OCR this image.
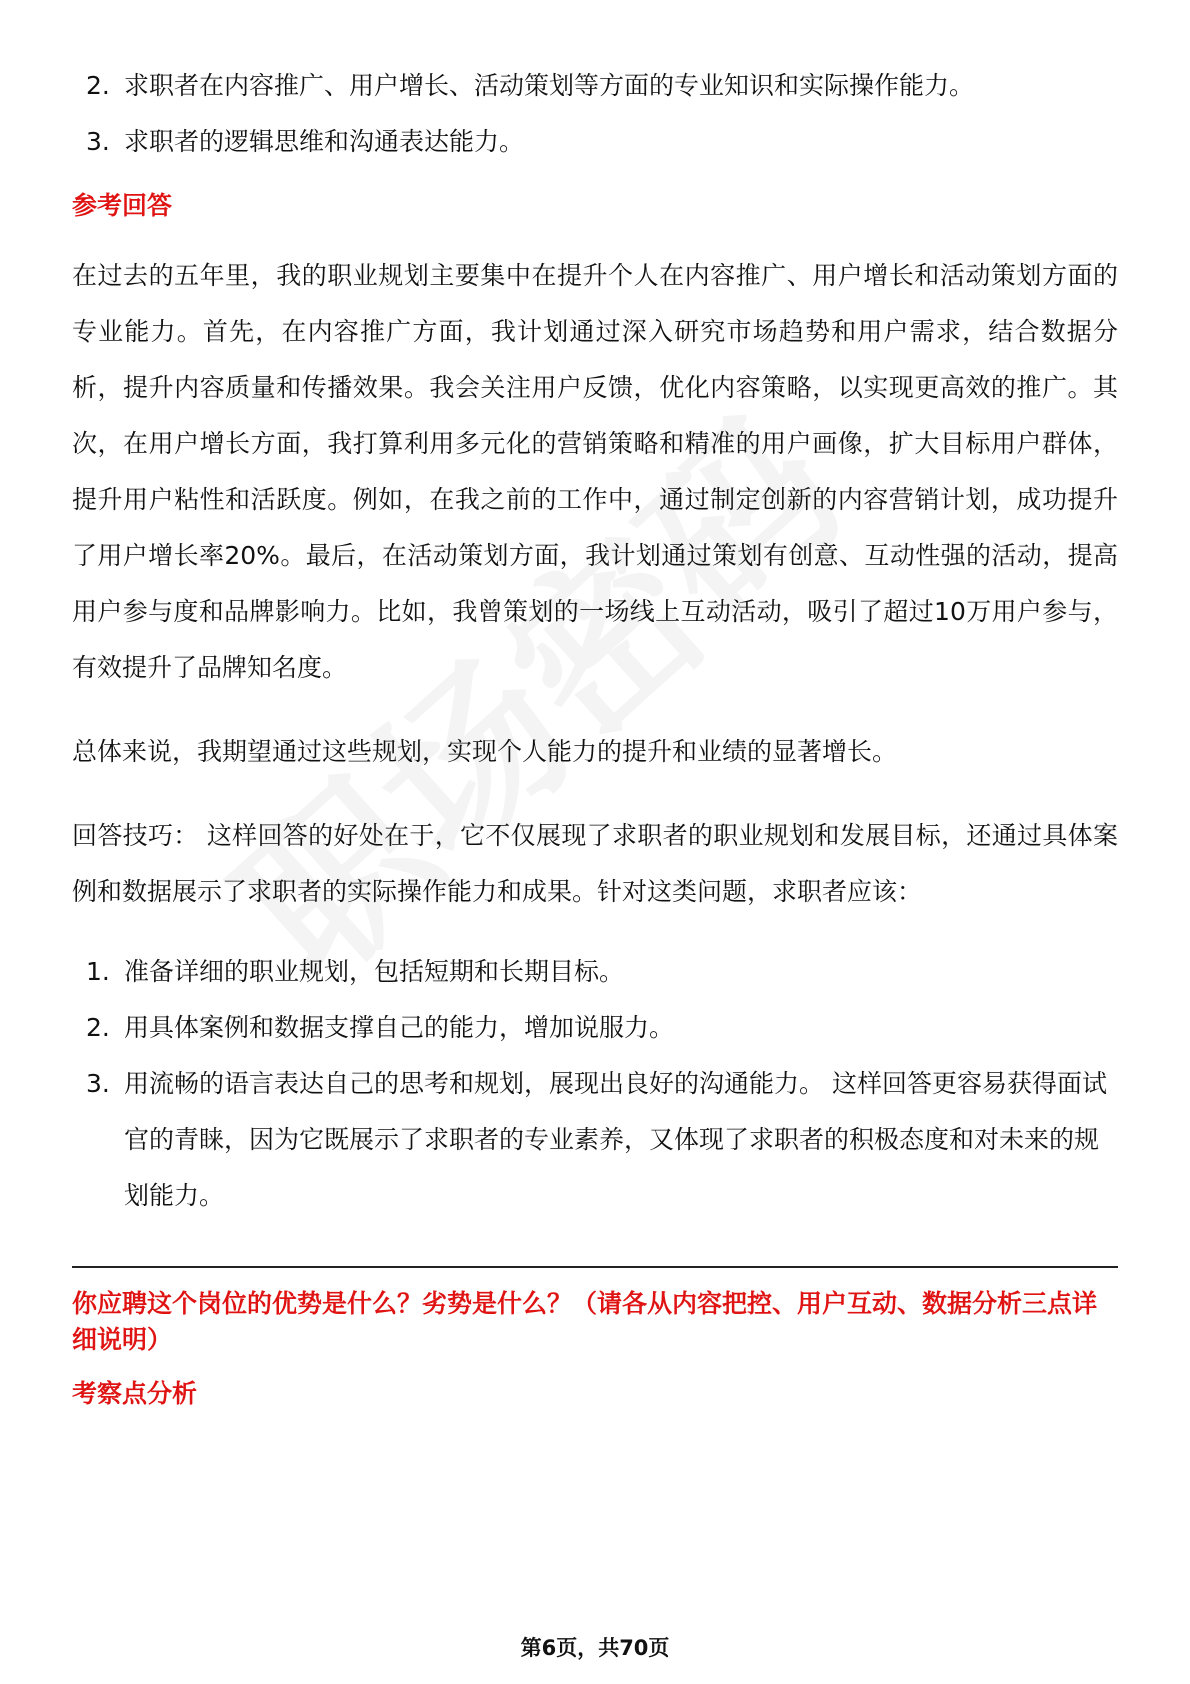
2. 求职者在内容推广、用户增长、活动策划等方面的专业知识和实际操作能力。
3. 求职者的逻辑思维和沟通表达能力。
参考回答

在过去的五年里，我的职业规划主要集中在提升个人在内容推广、用户增长和活动策划方面的专业能力。首先，在内容推广方面，我计划通过深入研究市场趋势和用户需求，结合数据分析，提升内容质量和传播效果。我会关注用户反馈，优化内容策略，以实现更高效的推广。其次，在用户增长方面，我打算利用多元化的营销策略和精准的用户画像，扩大目标用户群体，提升用户粘性和活跃度。例如，在我之前的工作中，通过制定创新的内容营销计划，成功提升了用户增长率20%。最后，在活动策划方面，我计划通过策划有创意、互动性强的活动，提高用户参与度和品牌影响力。比如，我曾策划的一场线上互动活动，吸引了超过10万用户参与，有效提升了品牌知名度。

总体来说，我期望通过这些规划，实现个人能力的提升和业绩的显著增长。

回答技巧： 这样回答的好处在于，它不仅展现了求职者的职业规划和发展目标，还通过具体案例和数据展示了求职者的实际操作能力和成果。针对这类问题，求职者应该：

1. 准备详细的职业规划，包括短期和长期目标。
2. 用具体案例和数据支撑自己的能力，增加说服力。
3. 用流畅的语言表达自己的思考和规划，展现出良好的沟通能力。 这样回答更容易获得面试官的青睐，因为它既展示了求职者的专业素养，又体现了求职者的积极态度和对未来的规划能力。
你应聘这个岗位的优势是什么？劣势是什么？（请各从内容把控、用户互动、数据分析三点详细说明）
考察点分析
第6页，共70页
